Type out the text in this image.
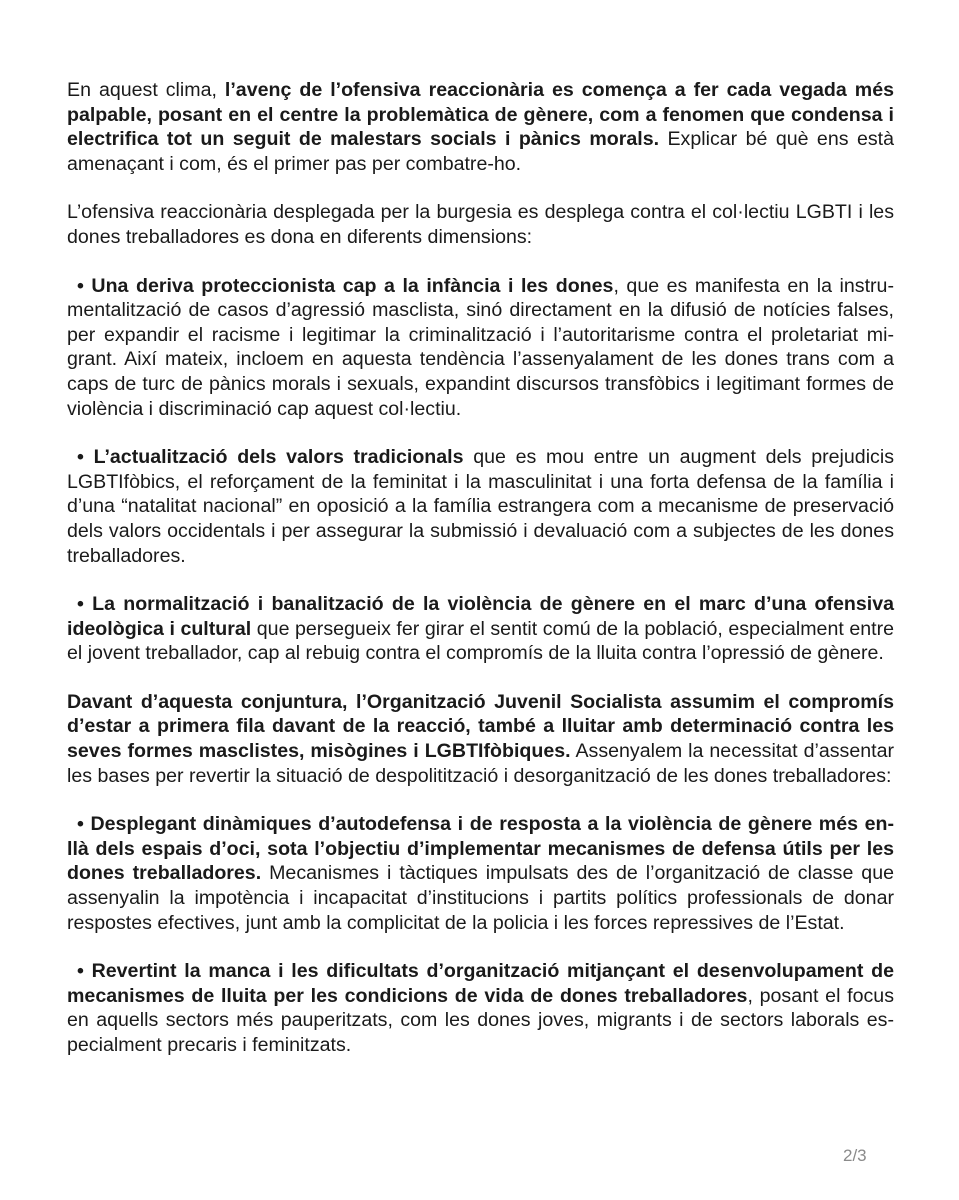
En aquest clima, l’avenç de l’ofensiva reaccionària es comença a fer cada vegada més palpable, posant en el centre la problemàtica de gènere, com a fenomen que condensa i electrifica tot un seguit de malestars socials i pànics morals. Explicar bé què ens està amenaçant i com, és el primer pas per combatre-ho.

L’ofensiva reaccionària desplegada per la burgesia es desplega contra el col·lectiu LGBTI i les dones treballadores es dona en diferents dimensions:

• Una deriva proteccionista cap a la infància i les dones, que es manifesta en la instrumentalització de casos d’agressió masclista, sinó directament en la difusió de notícies falses, per expandir el racisme i legitimar la criminalització i l’autoritarisme contra el proletariat migrant. Així mateix, incloem en aquesta tendència l’assenyalament de les dones trans com a caps de turc de pànics morals i sexuals, expandint discursos transfòbics i legitimant formes de violència i discriminació cap aquest col·lectiu.

• L’actualització dels valors tradicionals que es mou entre un augment dels prejudicis LGBTIfòbics, el reforçament de la feminitat i la masculinitat i una forta defensa de la família i d’una “natalitat nacional” en oposició a la família estrangera com a mecanisme de preservació dels valors occidentals i per assegurar la submissió i devaluació com a subjectes de les dones treballadores.

• La normalització i banalització de la violència de gènere en el marc d’una ofensiva ideològica i cultural que persegueix fer girar el sentit comú de la població, especialment entre el jovent treballador, cap al rebuig contra el compromís de la lluita contra l’opressió de gènere.

Davant d’aquesta conjuntura, l’Organització Juvenil Socialista assumim el compromís d’estar a primera fila davant de la reacció, també a lluitar amb determinació contra les seves formes masclistes, misògines i LGBTIfòbiques. Assenyalem la necessitat d’assentar les bases per revertir la situació de despolitització i desorganització de les dones treballadores:

• Desplegant dinàmiques d’autodefensa i de resposta a la violència de gènere més enllà dels espais d’oci, sota l’objectiu d’implementar mecanismes de defensa útils per les dones treballadores. Mecanismes i tàctiques impulsats des de l’organització de classe que assenyalin la impotència i incapacitat d’institucions i partits polítics professionals de donar respostes efectives, junt amb la complicitat de la policia i les forces repressives de l’Estat.

• Revertint la manca i les dificultats d’organització mitjançant el desenvolupament de mecanismes de lluita per les condicions de vida de dones treballadores, posant el focus en aquells sectors més pauperitzats, com les dones joves, migrants i de sectors laborals especialment precaris i feminitzats.

2/3
